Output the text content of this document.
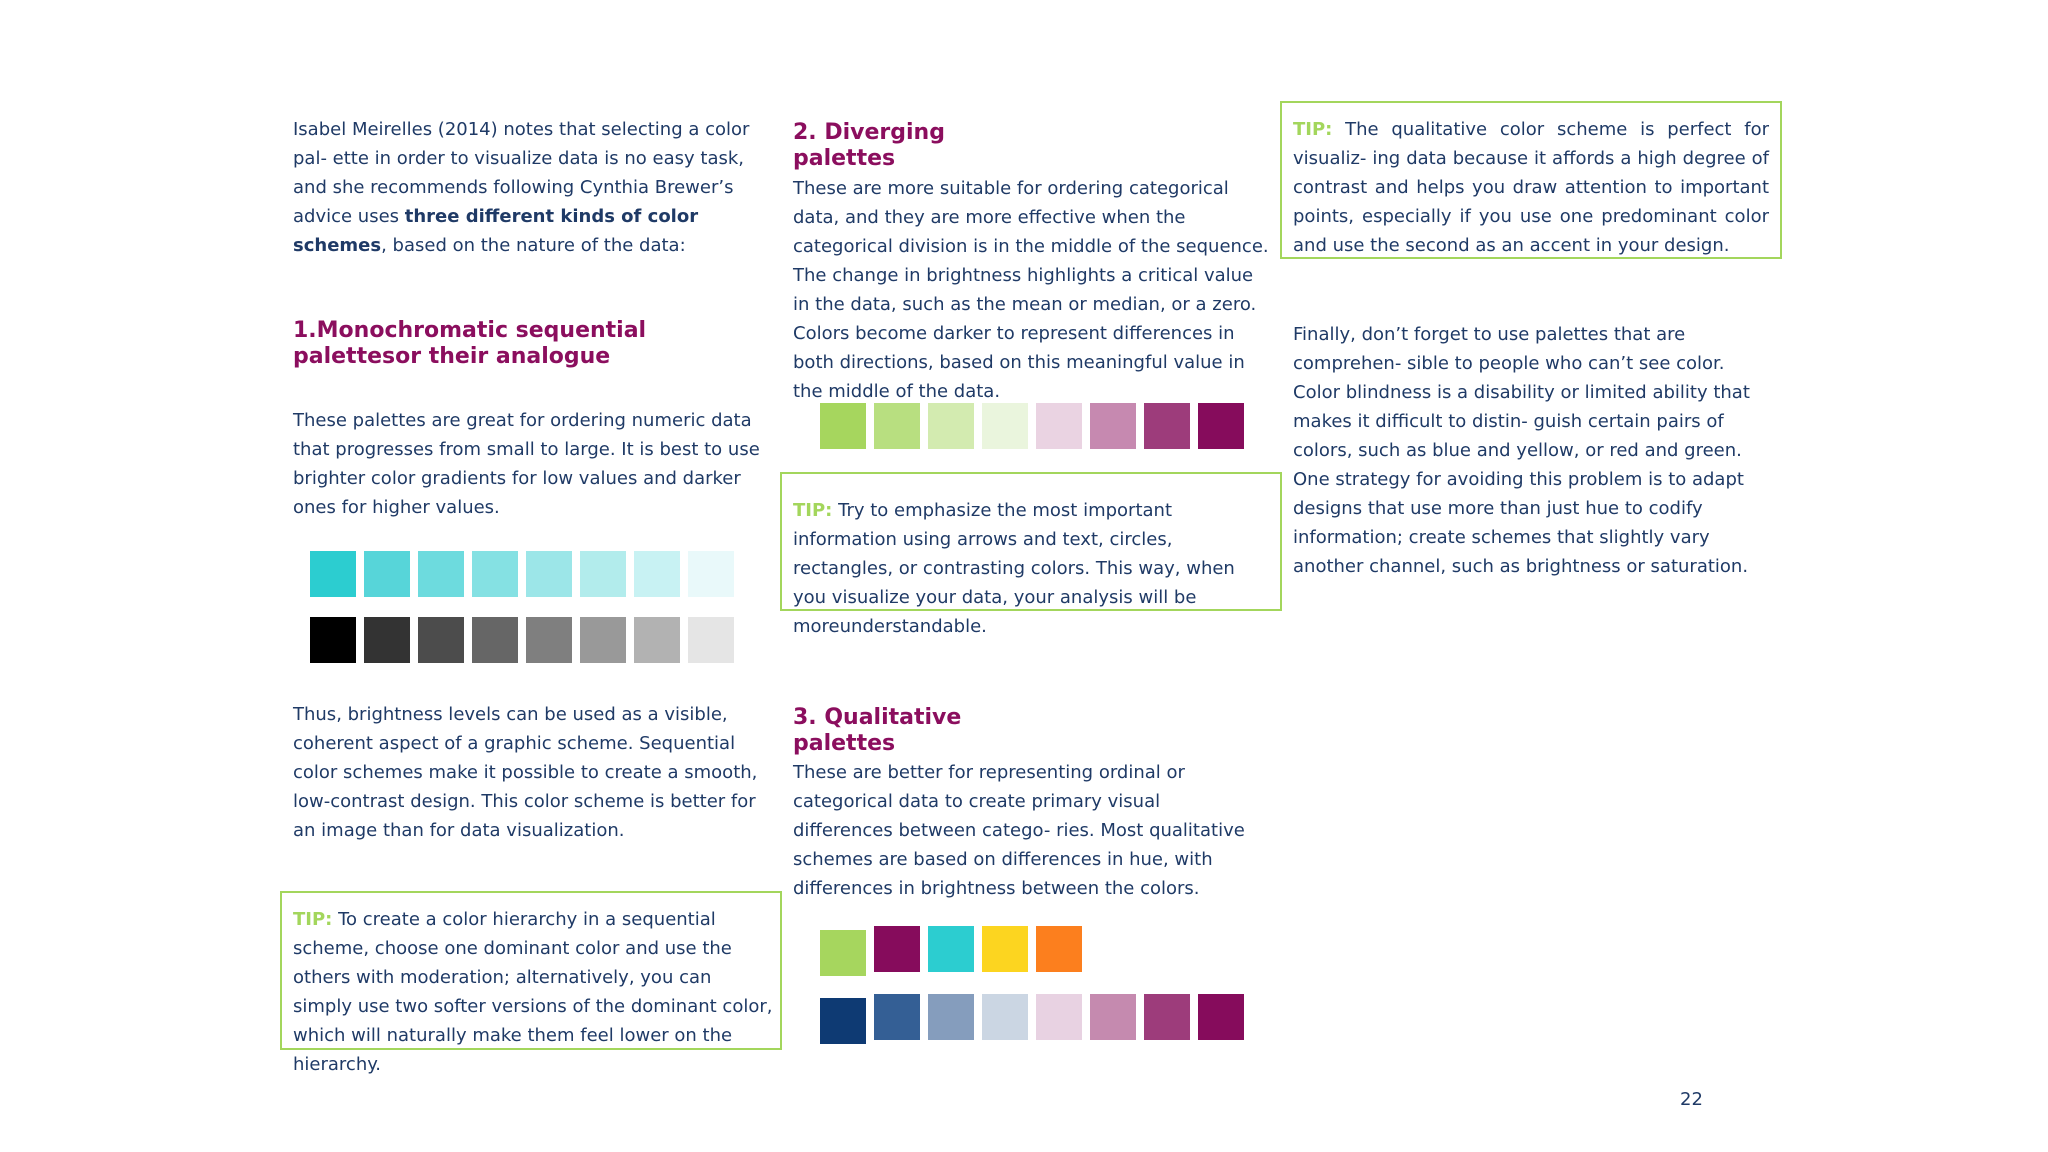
Isabel Meirelles (2014) notes that selecting a color pal- ette in order to visualize data is no easy task, and she recommends following Cynthia Brewer’s advice uses three different kinds of color schemes, based on the nature of the data:

1.Monochromatic sequential palettesor their analogue

These palettes are great for ordering numeric data that progresses from small to large. It is best to use brighter color gradients for low values and darker ones for higher values.

Thus, brightness levels can be used as a visible, coherent aspect of a graphic scheme. Sequential color schemes make it possible to create a smooth, low-contrast design. This color scheme is better for an image than for data visualization.

TIP: To create a color hierarchy in a sequential scheme, choose one dominant color and use the others with moderation; alternatively, you can simply use two softer versions of the dominant color, which will naturally make them feel lower on the hierarchy.

2. Diverging palettes

These are more suitable for ordering categorical data, and they are more effective when the categorical division is in the middle of the sequence. The change in brightness highlights a critical value in the data, such as the mean or median, or a zero. Colors become darker to represent differences in both directions, based on this meaningful value in the middle of the data.

TIP: Try to emphasize the most important information using arrows and text, circles, rectangles, or contrasting colors. This way, when you visualize your data, your analysis will be moreunderstandable.

3. Qualitative palettes

These are better for representing ordinal or categorical data to create primary visual differences between catego- ries. Most qualitative schemes are based on differences in hue, with differences in brightness between the colors.

TIP: The qualitative color scheme is perfect for visualiz- ing data because it affords a high degree of contrast and helps you draw attention to important points, especially if you use one predominant color and use the second as an accent in your design.

Finally, don’t forget to use palettes that are comprehen- sible to people who can’t see color. Color blindness is a disability or limited ability that makes it difficult to distin- guish certain pairs of colors, such as blue and yellow, or red and green. One strategy for avoiding this problem is to adapt designs that use more than just hue to codify information; create schemes that slightly vary another channel, such as brightness or saturation.

22
